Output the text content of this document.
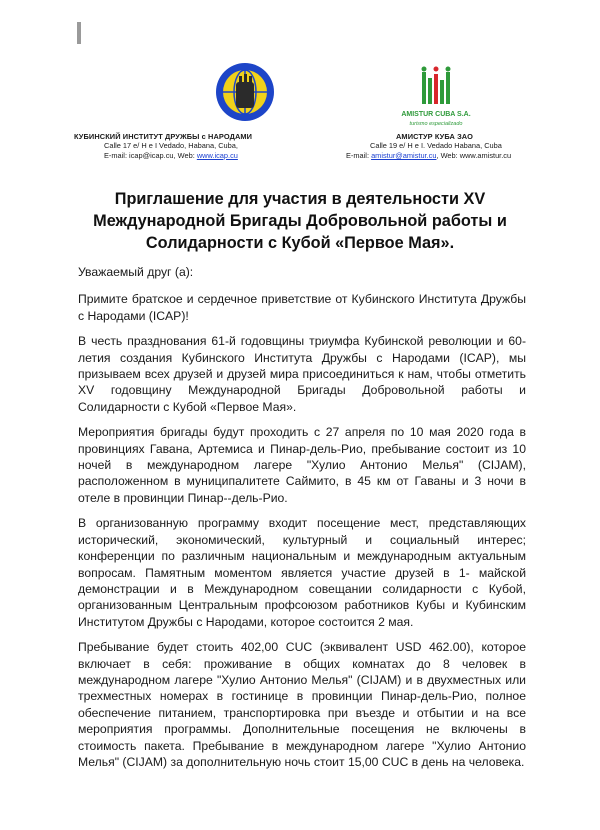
КУБИНСКИЙ ИНСТИТУТ ДРУЖБЫ с НАРОДАМИ
Calle 17 e/ H e I Vedado, Habana, Cuba,
E-mail: icap@icap.cu, Web: www.icap.cu
AMISTUR CUBA S.A.
turismo especializado
АМИСТУР КУБА ЗАО
Calle 19 e/ H e I. Vedado Habana, Cuba
E-mail: amistur@amistur.cu, Web: www.amistur.cu
Приглашение для участия в деятельности XV
Международной Бригады Добровольной работы и
Солидарности с Кубой «Первое Мая».

Уважаемый друг (а):

Примите братское и сердечное приветствие от Кубинского Института Дружбы с Народами (ICAP)!

В честь празднования 61-й годовщины триумфа Кубинской революции и 60-летия создания Кубинского Института Дружбы с Народами (ICAP), мы призываем всех друзей и друзей мира присоединиться к нам, чтобы отметить XV годовщину Международной Бригады Добровольной работы и Солидарности с Кубой «Первое Мая».

Мероприятия бригады будут проходить с 27 апреля по 10 мая 2020 года в провинциях Гавана, Артемиса и Пинар-дель-Рио, пребывание состоит из 10 ночей в международном лагере "Хулио Антонио Мелья" (CIJAM), расположенном в муниципалитете Саймито, в 45 км от Гаваны и 3 ночи в отеле в провинции Пинар--дель-Рио.

В организованную программу входит посещение мест, представляющих исторический, экономический, культурный и социальный интерес; конференции по различным национальным и международным актуальным вопросам. Памятным моментом является участие друзей в 1- майской демонстрации и в Международном совещании солидарности с Кубой, организованным Центральным профсоюзом работников Кубы и Кубинским Институтом Дружбы с Народами, которое состоится 2 мая.

Пребывание будет стоить 402,00 CUC (эквивалент USD 462.00), которое включает в себя: проживание в общих комнатах до 8 человек в международном лагере "Хулио Антонио Мелья" (CIJAM) и в двухместных или трехместных номерах в гостинице в провинции Пинар-дель-Рио, полное обеспечение питанием, транспортировка при въезде и отбытии и на все мероприятия программы. Дополнительные посещения не включены в стоимость пакета. Пребывание в международном лагере "Хулио Антонио Мелья" (CIJAM) за дополнительную ночь стоит 15,00 CUC в день на человека.
